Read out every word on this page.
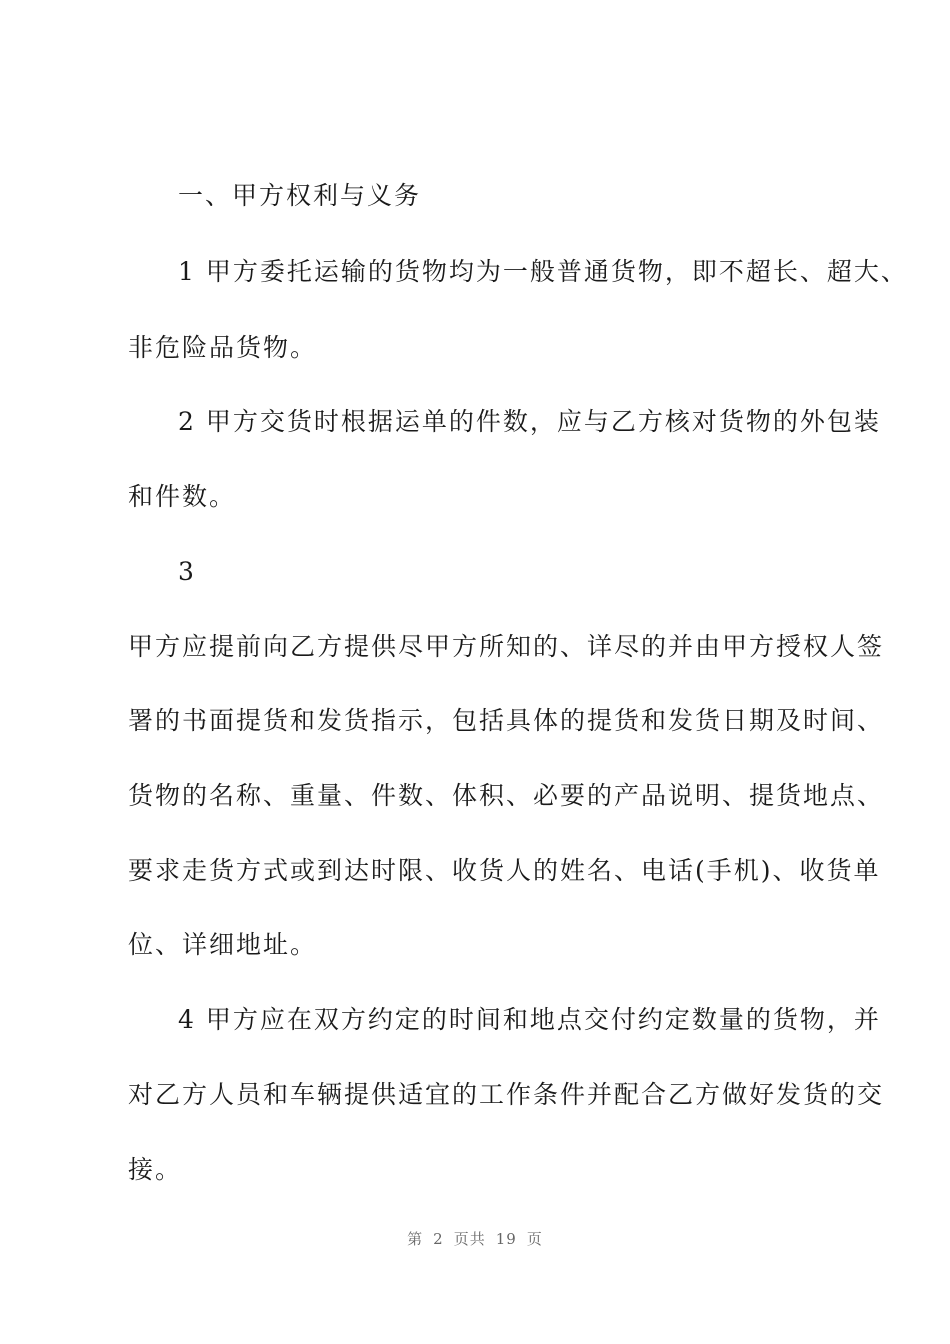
一、甲方权利与义务
1 甲方委托运输的货物均为一般普通货物，即不超长、超大、
非危险品货物。
2 甲方交货时根据运单的件数，应与乙方核对货物的外包装
和件数。
3
甲方应提前向乙方提供尽甲方所知的、详尽的并由甲方授权人签
署的书面提货和发货指示，包括具体的提货和发货日期及时间、
货物的名称、重量、件数、体积、必要的产品说明、提货地点、
要求走货方式或到达时限、收货人的姓名、电话(手机)、收货单
位、详细地址。
4 甲方应在双方约定的时间和地点交付约定数量的货物，并
对乙方人员和车辆提供适宜的工作条件并配合乙方做好发货的交
接。
第 2 页共 19 页
